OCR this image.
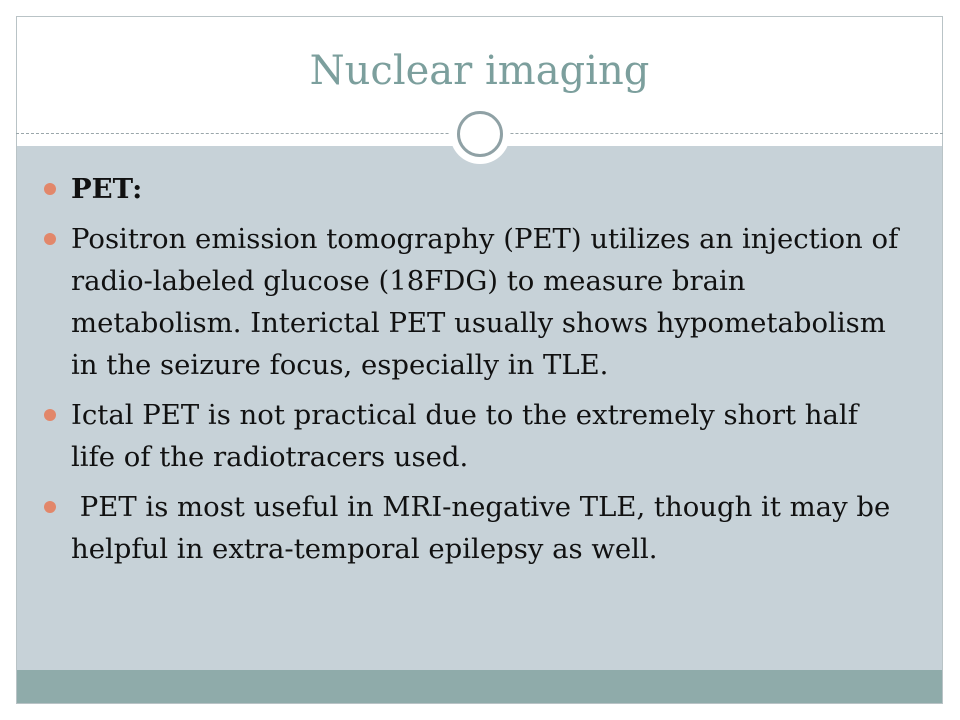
Nuclear imaging
PET:
Positron emission tomography (PET) utilizes an injection of radio-labeled glucose (18FDG) to measure brain metabolism. Interictal PET usually shows hypometabolism in the seizure focus, especially in TLE.
Ictal PET is not practical due to the extremely short half life of the radiotracers used.
PET is most useful in MRI-negative TLE, though it may be helpful in extra-temporal epilepsy as well.
